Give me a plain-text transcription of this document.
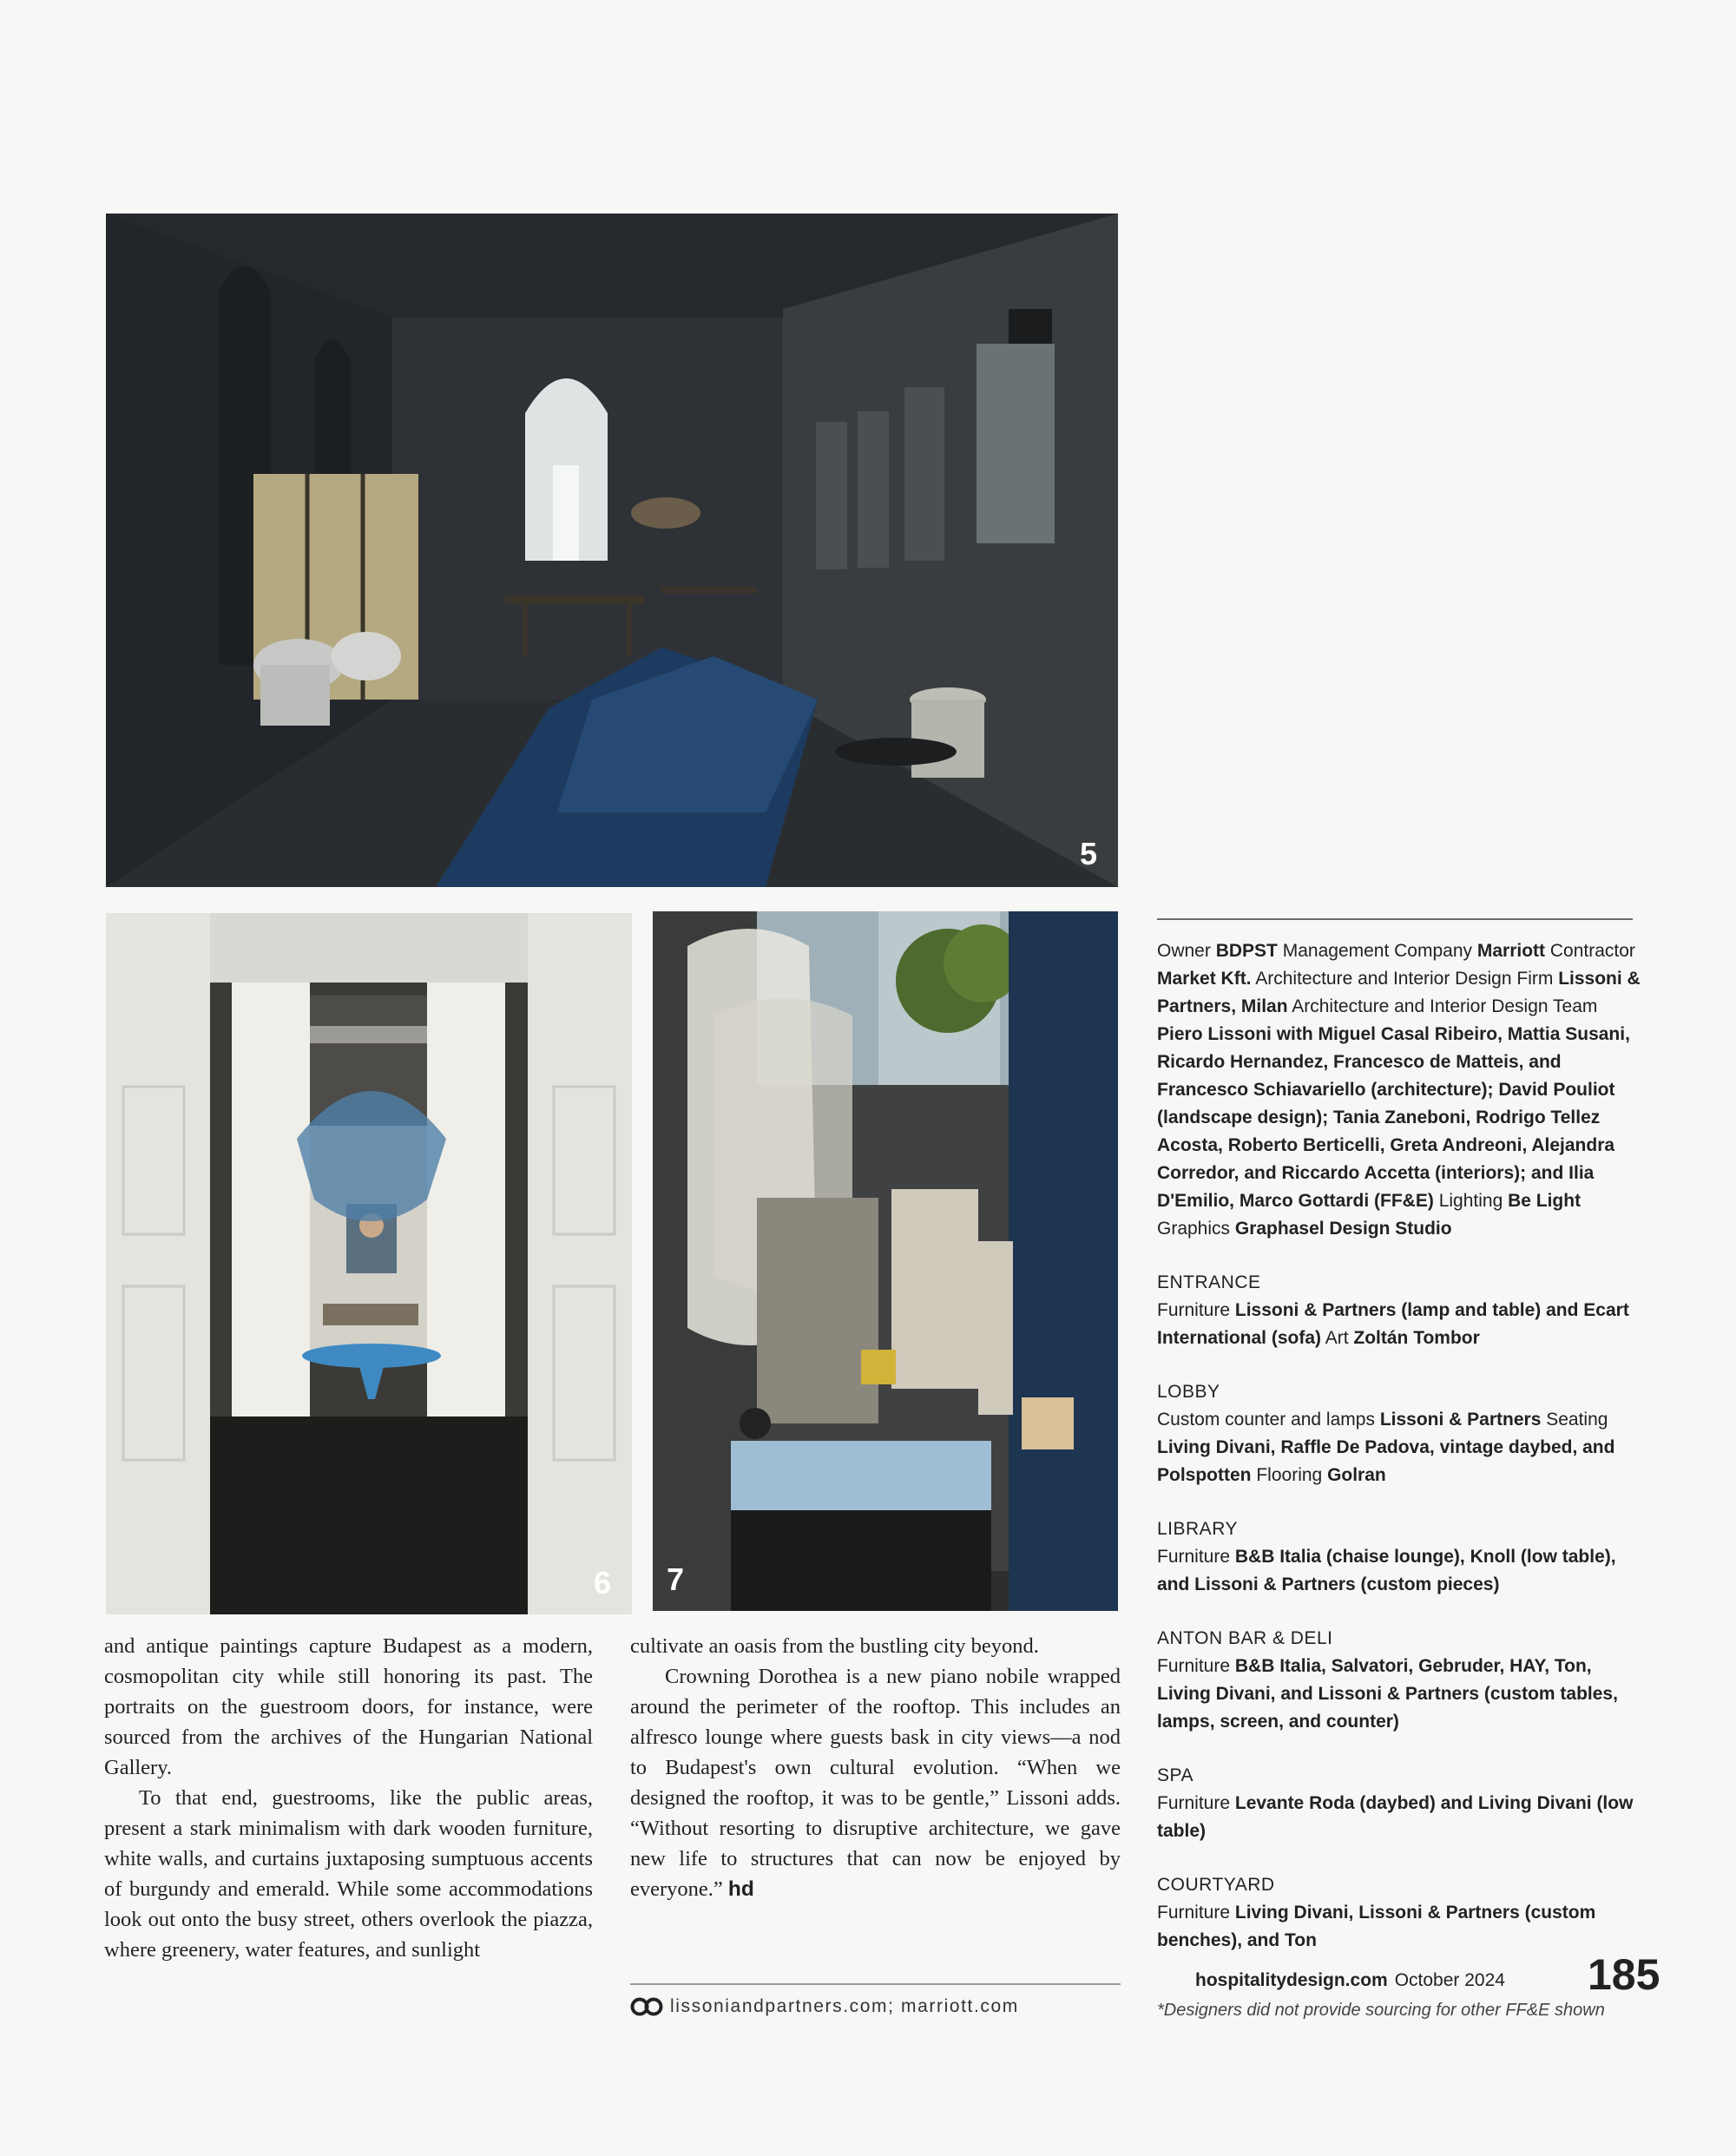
5
6 7

and antique paintings capture Budapest as a modern, cosmopolitan city while still honoring its past. The portraits on the guestroom doors, for instance, were sourced from the archives of the Hungarian National Gallery.

To that end, guestrooms, like the public areas, present a stark minimalism with dark wooden furniture, white walls, and curtains juxtaposing sumptuous accents of burgundy and emerald. While some accommodations look out onto the busy street, others overlook the piazza, where greenery, water features, and sunlight

cultivate an oasis from the bustling city beyond.

Crowning Dorothea is a new piano nobile wrapped around the perimeter of the rooftop. This includes an alfresco lounge where guests bask in city views—a nod to Budapest's own cultural evolution. “When we designed the rooftop, it was to be gentle,” Lissoni adds. “Without resorting to disruptive architecture, we gave new life to structures that can now be enjoyed by everyone.” hd

lissoniandpartners.com; marriott.com
Owner BDPST Management Company Marriott Contractor Market Kft. Architecture and Interior Design Firm Lissoni & Partners, Milan Architecture and Interior Design Team Piero Lissoni with Miguel Casal Ribeiro, Mattia Susani, Ricardo Hernandez, Francesco de Matteis, and Francesco Schiavariello (architecture); David Pouliot (landscape design); Tania Zaneboni, Rodrigo Tellez Acosta, Roberto Berticelli, Greta Andreoni, Alejandra Corredor, and Riccardo Accetta (interiors); and Ilia D'Emilio, Marco Gottardi (FF&E) Lighting Be Light Graphics Graphasel Design Studio
ENTRANCE
Furniture Lissoni & Partners (lamp and table) and Ecart International (sofa) Art Zoltán Tombor
LOBBY
Custom counter and lamps Lissoni & Partners Seating Living Divani, Raffle De Padova, vintage daybed, and Polspotten Flooring Golran
LIBRARY
Furniture B&B Italia (chaise lounge), Knoll (low table), and Lissoni & Partners (custom pieces)
ANTON BAR & DELI
Furniture B&B Italia, Salvatori, Gebruder, HAY, Ton, Living Divani, and Lissoni & Partners (custom tables, lamps, screen, and counter)
SPA
Furniture Levante Roda (daybed) and Living Divani (low table)
COURTYARD
Furniture Living Divani, Lissoni & Partners (custom benches), and Ton
*Designers did not provide sourcing for other FF&E shown
hospitalitydesign.com October 2024 185
